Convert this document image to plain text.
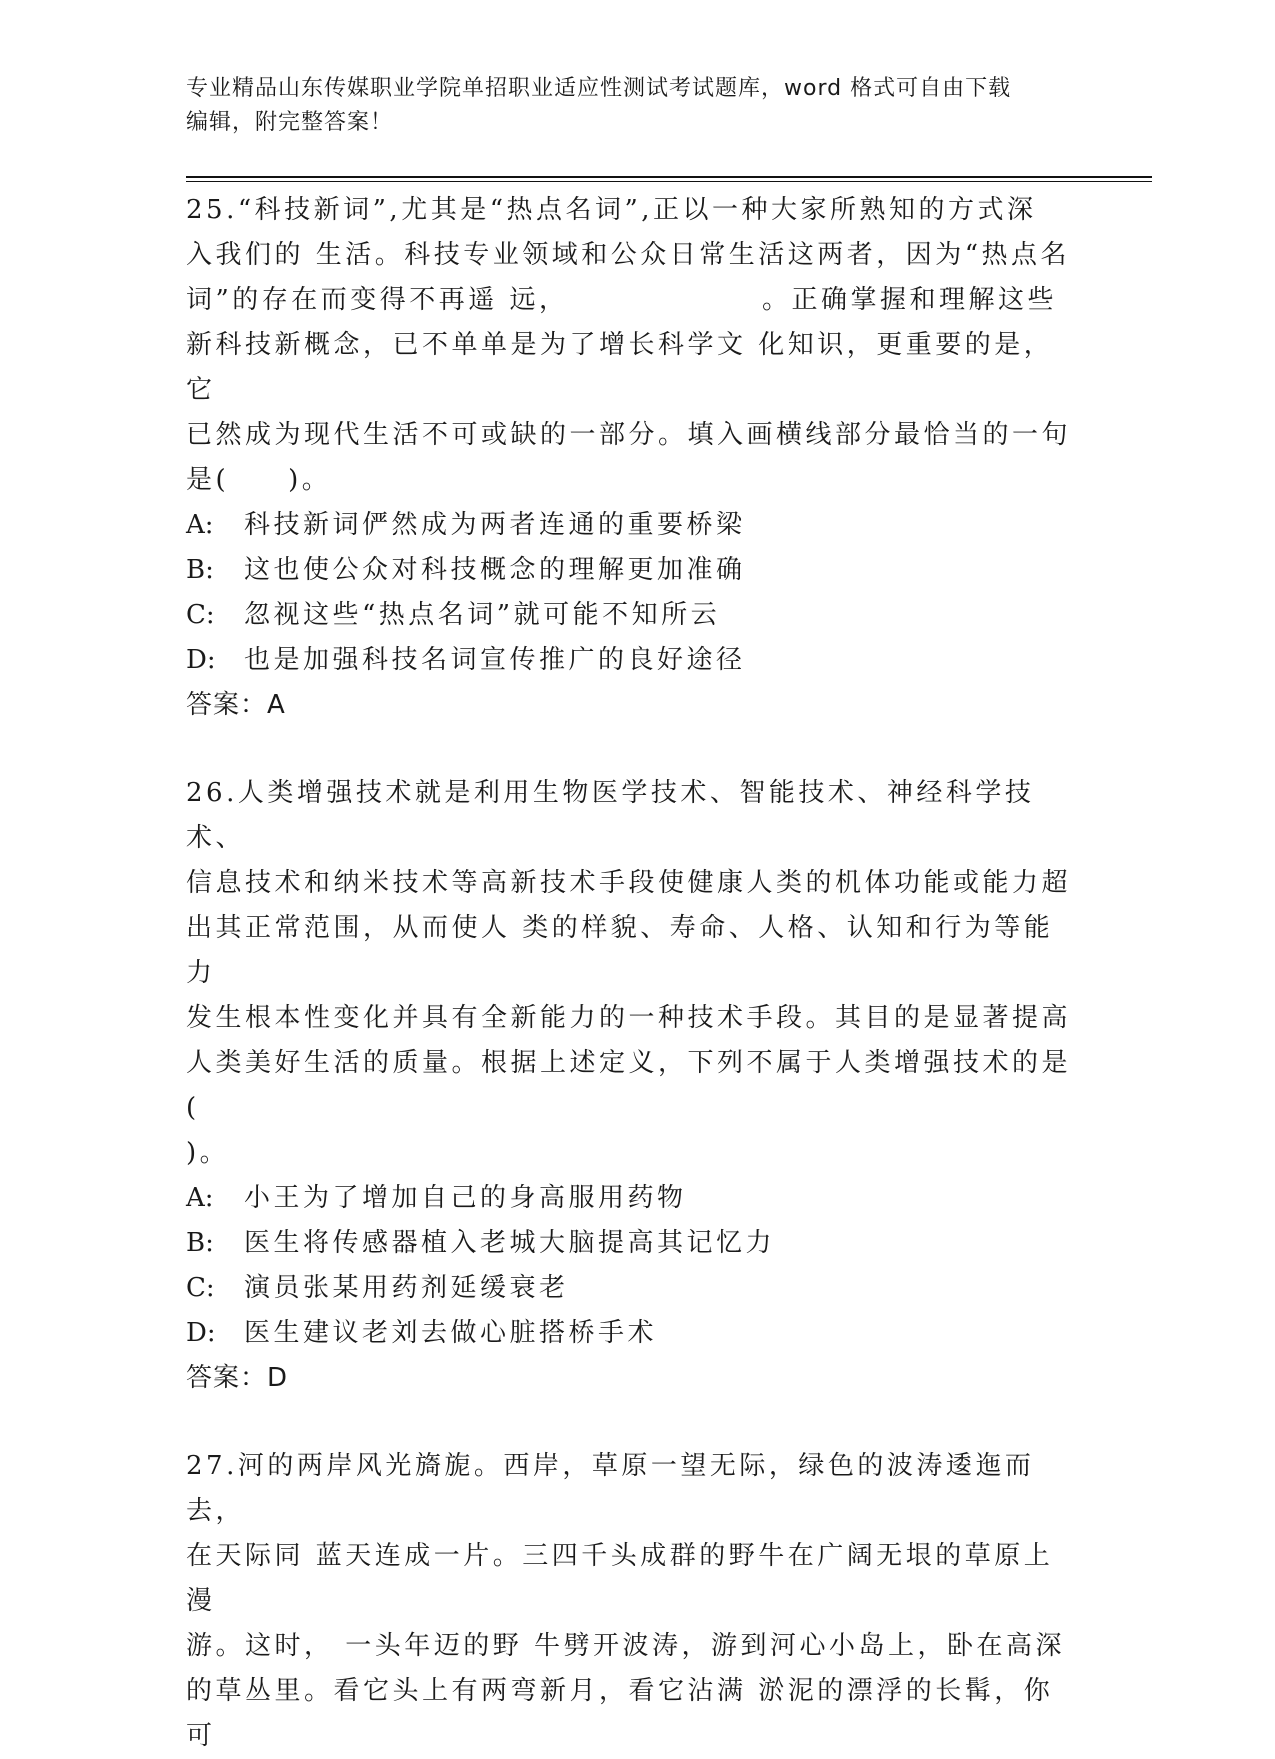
专业精品山东传媒职业学院单招职业适应性测试考试题库，word 格式可自由下载
编辑，附完整答案！
25.“科技新词”,尤其是“热点名词”,正以一种大家所熟知的方式深
入我们的 生活。科技专业领域和公众日常生活这两者，因为“热点名
词”的存在而变得不再遥 远，　　　　　　　。正确掌握和理解这些
新科技新概念，已不单单是为了增长科学文 化知识，更重要的是，它
已然成为现代生活不可或缺的一部分。填入画横线部分最恰当的一句
是(　　)。
A:	科技新词俨然成为两者连通的重要桥梁
B:	这也使公众对科技概念的理解更加准确
C:	忽视这些“热点名词”就可能不知所云
D:	也是加强科技名词宣传推广的良好途径
答案：A
26.人类增强技术就是利用生物医学技术、智能技术、神经科学技术、
信息技术和纳米技术等高新技术手段使健康人类的机体功能或能力超
出其正常范围，从而使人 类的样貌、寿命、人格、认知和行为等能力
发生根本性变化并具有全新能力的一种技术手段。其目的是显著提高
人类美好生活的质量。根据上述定义，下列不属于人类增强技术的是(
)。
A:	小王为了增加自己的身高服用药物
B:	医生将传感器植入老城大脑提高其记忆力
C:	演员张某用药剂延缓衰老
D:	医生建议老刘去做心脏搭桥手术
答案：D
27.河的两岸风光旖旎。西岸，草原一望无际，绿色的波涛逶迤而去，
在天际同 蓝天连成一片。三四千头成群的野牛在广阔无垠的草原上漫
游。这时， 一头年迈的野 牛劈开波涛，游到河心小岛上，卧在高深
的草丛里。看它头上有两弯新月，看它沾满 淤泥的漂浮的长髯，你可
